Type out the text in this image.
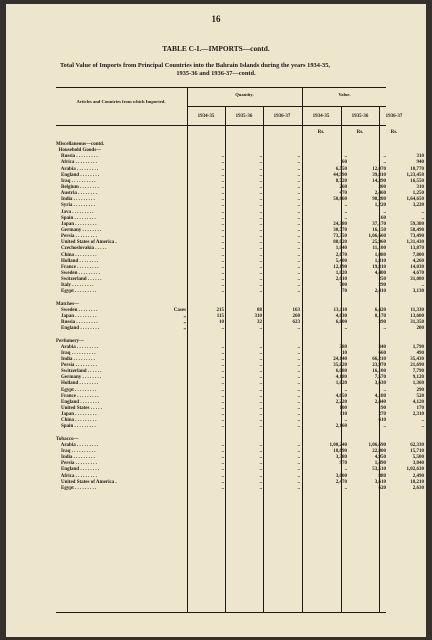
16
TABLE C-I.—IMPORTS—contd.
Total Value of Imports from Principal Countries into the Bahrain Islands during the years 1934-35,
1935-36 and 1936-37—contd.
Articles and Countries from which Imported.
Quantity.	Value.
1934-35	1935-36	1936-37	1934-35	1935-36	1936-37
Rs.	Rs.	Rs.
Miscellaneous—contd.
Household Goods—
Russia . . . . . . . . .	..	..	..	..	..	310
Africa . . . . . . . . .	..	..	..	60	..	940
Arabia . . . . . . . . .	..	..	..	6,550	12,070	10,770
England . . . . . . . .	..	..	..	44,990	39,810	1,23,450
Iraq . . . . . . . . . .	..	..	..	8,720	14,390	16,550
Belgium . . . . . . . .	..	..	..	260	300	310
Austria . . . . . . . .	..	..	..	470	2,460	1,250
India . . . . . . . . .	..	..	..	50,660	98,280	1,64,650
Syria . . . . . . . . .	..	..	..	..	1,220	3,220
Java . . . . . . . . .	..	..	..	..	..	..
Spain . . . . . . . . .	..	..	..	..	160	..
Japan . . . . . . . . .	..	..	..	24,380	37,170	59,380
Germany . . . . . . . .	..	..	..	30,770	16,150	58,490
Persia . . . . . . . . .	..	..	..	73,350	1,06,660	73,490
United States of America .	..	..	..	88,020	25,960	1,31,430
Czechoslovakia . . . . .	..	..	..	1,040	11,100	13,870
China . . . . . . . . .	..	..	..	2,670	1,080	7,800
Holland . . . . . . . .	..	..	..	5,400	1,810	4,260
France . . . . . . . . .	..	..	..	12,190	19,810	14,030
Sweden . . . . . . . . .	..	..	..	1,020	4,400	4,670
Switzerland . . . . . .	..	..	..	2,610	250	31,080
Italy . . . . . . . . .	..	..	..	700	290	..
Egypt . . . . . . . . .	..	..	..	70	2,410	3,130
Matches—
Sweden . . . . . . . .	Cases	215	88	163	13,110	6,420	11,330
Japan . . . . . . . . .	„	115	310	260	4,630	8,170	13,600
Russia . . . . . . . . .	„	10	32	623	6,800	390	31,350
England . . . . . . . .	„	..	..	..	..	..	200
Perfumery—
Arabia . . . . . . . . .	..	..	..	380	340	1,790
Iraq . . . . . . . . . .	..	..	..	10	660	490
India . . . . . . . . .	..	..	..	24,140	66,210	35,430
Persia . . . . . . . . .	..	..	..	35,820	23,970	21,690
Switzerland . . . . . .	..	..	..	6,080	16,100	7,790
Germany . . . . . . . .	..	..	..	4,180	7,570	9,120
Holland . . . . . . . .	..	..	..	1,020	3,630	1,360
Egypt . . . . . . . . .	..	..	..	..	..	290
France . . . . . . . . .	..	..	..	4,650	4,180	520
England . . . . . . . .	..	..	..	2,220	2,440	4,120
United States . . . . .	..	..	..	100	190	170
Japan . . . . . . . . .	..	..	..	110	270	2,310
China . . . . . . . . .	..	..	..	..	610	..
Spain . . . . . . . . .	..	..	..	2,160	..	..
Tobacco—
Arabia . . . . . . . . .	..	..	..	1,00,240	1,06,690	62,330
Iraq . . . . . . . . . .	..	..	..	18,690	22,800	15,710
India . . . . . . . . .	..	..	..	3,380	4,950	5,500
Persia . . . . . . . . .	..	..	..	970	1,490	3,040
England . . . . . . . .	..	..	..	..	53,510	1,02,630
Africa . . . . . . . . .	..	..	..	3,000	880	2,490
United States of America .	..	..	..	2,470	3,610	18,210
Egypt . . . . . . . . .	..	..	..	..	620	2,630
